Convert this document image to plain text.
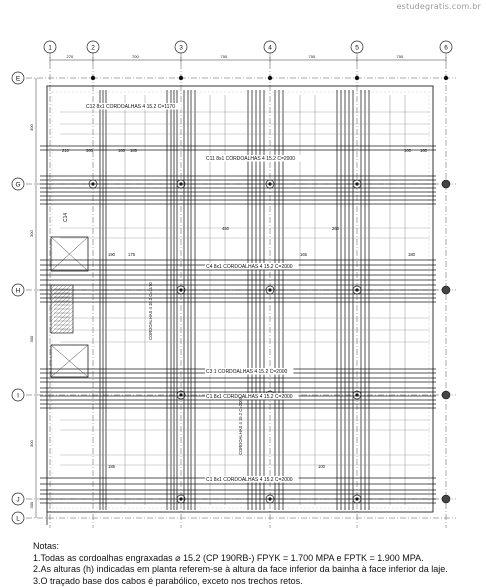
270	700	700	700	700
300
300
300
300
300
C12 8x1 CORDOALHAS 4 15.2 C=1170
C11 8x1 CORDOALHAS 4 15.2 C=2000
C4 8x1 CORDOALHAS 4 15.2 C=2000
C3 1 CORDOALHAS 4 15.2 C=2000
C1 8x1 CORDOALHAS 4 15.2 C=2000
C1 8x1 CORDOALHAS 4 15.2 C=2000
C14
CORDOALHAS 4 15.2 C=1170
CORDOALHAS 4 15.2 C=2000
210	360	180 185
190	175	165
100 160
450	260
185	100
180
1	2	3	4	5	6
E
G
H
I
J
L
estudegratis.com.br
Notas:
1.Todas as cordoalhas engraxadas ⌀ 15.2 (CP 190RB-) FPYK = 1.700 MPA e FPTK = 1.900 MPA.
2.As alturas (h) indicadas em planta referem-se à altura da face inferior da bainha à face inferior da laje.
3.O traçado base dos cabos é parabólico, exceto nos trechos retos.
